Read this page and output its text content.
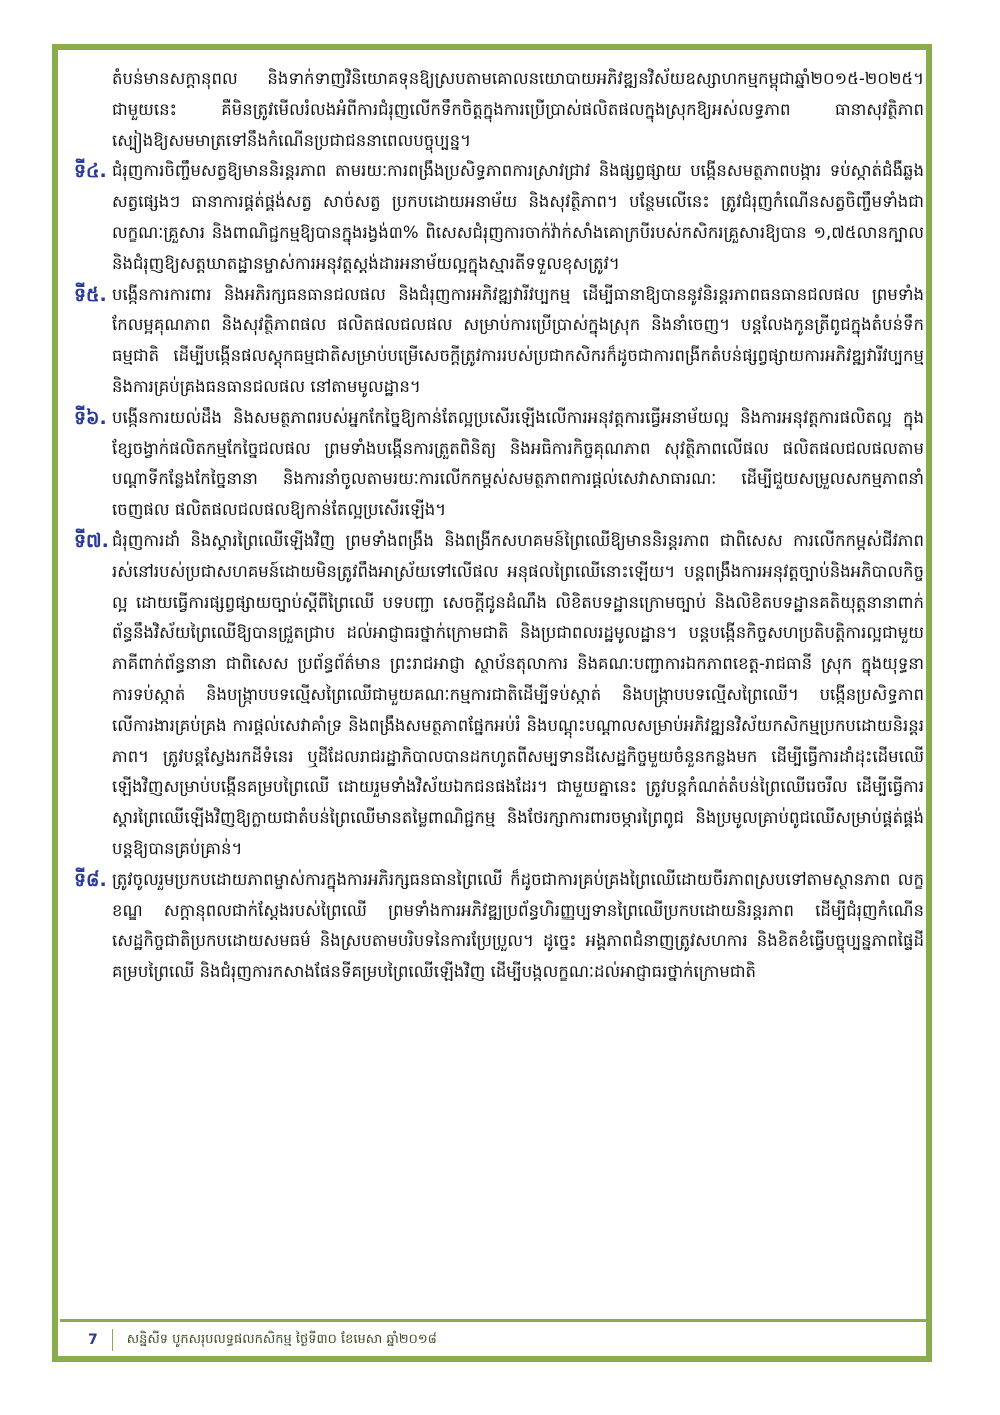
តំបន់មានសក្តានុពល និងទាក់ទាញវិនិយោគទុនឱ្យស្របតាមគោលនយោបាយអភិវឌ្ឍនវិស័យឧស្សាហកម្មកម្ពុជាឆ្នាំ២០១៥-២០២៥។ ជាមួយនេះ គឺមិនត្រូវមើលរំលងអំពីការជំរុញលើកទឹកចិត្តក្នុងការប្រើប្រាស់ផលិតផលក្នុងស្រុកឱ្យអស់លទ្ធភាព ធានាសុវត្ថិភាពស្បៀងឱ្យសមមាត្រទៅនឹងកំណើនប្រជាជននាពេលបច្ចុប្បន្ន។
ទី៤. ជំរុញការចិញ្ចឹមសត្វឱ្យមាននិរន្តរភាព តាមរយៈការពង្រឹងប្រសិទ្ធភាពការស្រាវជ្រាវ និងផ្សព្វផ្សាយ បង្កើនសមត្ថភាពបង្ការ ទប់ស្កាត់ជំងឺឆ្លងសត្វផ្សេងៗ ធានាការផ្គត់ផ្គង់សត្វ សាច់សត្វ ប្រកបដោយអនាម័យ និងសុវត្ថិភាព។ បន្ថែមលើនេះ ត្រូវជំរុញកំណើនសត្វចិញ្ចឹមទាំងជាលក្ខណៈគ្រួសារ និងពាណិជ្ជកម្មឱ្យបានក្នុងរង្វង់៣% ពិសេសជំរុញការចាក់វ៉ាក់សាំងគោក្របីរបស់កសិករគ្រួសារឱ្យបាន ១,៧៥លានក្បាល និងជំរុញឱ្យសត្តឃាតដ្ឋានម្ចាស់ការអនុវត្តស្តង់ដារអនាម័យល្អក្នុងស្មារតីទទួលខុសត្រូវ។
ទី៥. បង្កើនការការពារ និងអភិរក្សធនធានជលផល និងជំរុញការអភិវឌ្ឍវារីវប្បកម្ម ដើម្បីធានាឱ្យបាននូវនិរន្តរភាពធនធានជលផល ព្រមទាំងកែលម្អគុណភាព និងសុវត្ថិភាពផល ផលិតផលជលផល សម្រាប់ការប្រើប្រាស់ក្នុងស្រុក និងនាំចេញ។ បន្តលែងកូនត្រីពូជក្នុងតំបន់ទឹកធម្មជាតិ ដើម្បីបង្កើនផលស្តុកធម្មជាតិសម្រាប់បម្រើសេចក្តីត្រូវការរបស់ប្រជាកសិករក៏ដូចជាការពង្រីកតំបន់ផ្សព្វផ្សាយការអភិវឌ្ឍវារីវប្បកម្ម និងការគ្រប់គ្រងធនធានជលផល នៅតាមមូលដ្ឋាន។
ទី៦. បង្កើនការយល់ដឹង និងសមត្ថភាពរបស់អ្នកកែច្នៃឱ្យកាន់តែល្អប្រសើរឡើងលើការអនុវត្តការធ្វើអនាម័យល្អ និងការអនុវត្តការផលិតល្អ ក្នុងខ្សែចង្វាក់ផលិតកម្មកែច្នៃជលផល ព្រមទាំងបង្កើនការត្រួតពិនិត្យ និងអធិការកិច្ចគុណភាព សុវត្ថិភាពលើផល ផលិតផលជលផលតាមបណ្តាទីកន្លែងកែច្នៃនានា និងការនាំចូលតាមរយៈការលើកកម្ពស់សមត្ថភាពការផ្តល់សេវាសាធារណៈ ដើម្បីជួយសម្រួលសកម្មភាពនាំចេញផល ផលិតផលជលផលឱ្យកាន់តែល្អប្រសើរឡើង។
ទី៧. ជំរុញការដាំ និងស្តារព្រៃឈើឡើងវិញ ព្រមទាំងពង្រឹង និងពង្រីកសហគមន៍ព្រៃឈើឱ្យមាននិរន្តរភាព ជាពិសេស ការលើកកម្ពស់ជីវភាពរស់នៅរបស់ប្រជាសហគមន៍ដោយមិនត្រូវពឹងអាស្រ័យទៅលើផល អនុផលព្រៃឈើនោះឡើយ។ បន្តពង្រឹងការអនុវត្តច្បាប់និងអភិបាលកិច្ចល្អ ដោយធ្វើការផ្សព្វផ្សាយច្បាប់ស្តីពីព្រៃឈើ បទបញ្ជា សេចក្តីជូនដំណឹង លិខិតបទដ្ឋានក្រោមច្បាប់ និងលិខិតបទដ្ឋានគតិយុត្តនានាពាក់ព័ន្ធនឹងវិស័យព្រៃឈើឱ្យបានជ្រួតជ្រាប ដល់អាជ្ញាធរថ្នាក់ក្រោមជាតិ និងប្រជាពលរដ្ឋមូលដ្ឋាន។ បន្តបង្កើនកិច្ចសហប្រតិបត្តិការល្អជាមួយភាគីពាក់ព័ន្ធនានា ជាពិសេស ប្រព័ន្ធព័ត៌មាន ព្រះរាជអាជ្ញា ស្ថាប័នតុលាការ និងគណៈបញ្ជាការឯកភាពខេត្ត-រាជធានី ស្រុក ក្នុងយុទ្ធនាការទប់ស្កាត់ និងបង្ក្រាបបទល្មើសព្រៃឈើជាមួយគណៈកម្មការជាតិដើម្បីទប់ស្កាត់ និងបង្ក្រាបបទល្មើសព្រៃឈើ។ បង្កើនប្រសិទ្ធភាពលើការងារគ្រប់គ្រង ការផ្តល់សេវាគាំទ្រ និងពង្រឹងសមត្ថភាពផ្នែកអប់រំ និងបណ្តុះបណ្តាលសម្រាប់អភិវឌ្ឍនវិស័យកសិកម្មប្រកបដោយនិរន្តរភាព។ ត្រូវបន្តស្វែងរកដីទំនេរ ឬដីដែលរាជរដ្ឋាភិបាលបានដកហូតពីសម្បទានដីសេដ្ឋកិច្ចមួយចំនួនកន្លងមក ដើម្បីធ្វើការដាំដុះដើមឈើឡើងវិញសម្រាប់បង្កើនគម្របព្រៃឈើ ដោយរួមទាំងវិស័យឯកជនផងដែរ។ ជាមួយគ្នានេះ ត្រូវបន្តកំណត់តំបន់ព្រៃឈើរេចរឹល ដើម្បីធ្វើការស្តារព្រៃឈើឡើងវិញឱ្យក្លាយជាតំបន់ព្រៃឈើមានតម្លៃពាណិជ្ជកម្ម និងថែរក្សាការពារចម្ការព្រៃពូជ និងប្រមូលគ្រាប់ពូជឈើសម្រាប់ផ្គត់ផ្គង់បន្តឱ្យបានគ្រប់គ្រាន់។
ទី៨. ត្រូវចូលរួមប្រកបដោយភាពម្ចាស់ការក្នុងការអភិរក្សធនធានព្រៃឈើ ក៏ដូចជាការគ្រប់គ្រងព្រៃឈើដោយចីរភាពស្របទៅតាមស្ថានភាព លក្ខខណ្ឌ សក្តានុពលជាក់ស្តែងរបស់ព្រៃឈើ ព្រមទាំងការអភិវឌ្ឍប្រព័ន្ធហិរញ្ញប្បទានព្រៃឈើប្រកបដោយនិរន្តរភាព ដើម្បីជំរុញកំណើនសេដ្ឋកិច្ចជាតិប្រកបដោយសមធម៌ និងស្របតាមបរិបទនៃការប្រែប្រួល។ ដូច្នេះ អង្គភាពជំនាញត្រូវសហការ និងខិតខំធ្វើបច្ចុប្បន្នភាពផ្ទៃដីគម្របព្រៃឈើ និងជំរុញការកសាងផែនទីគម្របព្រៃឈើឡើងវិញ ដើម្បីបង្កលក្ខណៈដល់អាជ្ញាធរថ្នាក់ក្រោមជាតិ
7 សន្និសីទ បូកសរុបលទ្ធផលកសិកម្ម ថ្ងៃទី៣០ ខែមេសា ឆ្នាំ២០១៨
